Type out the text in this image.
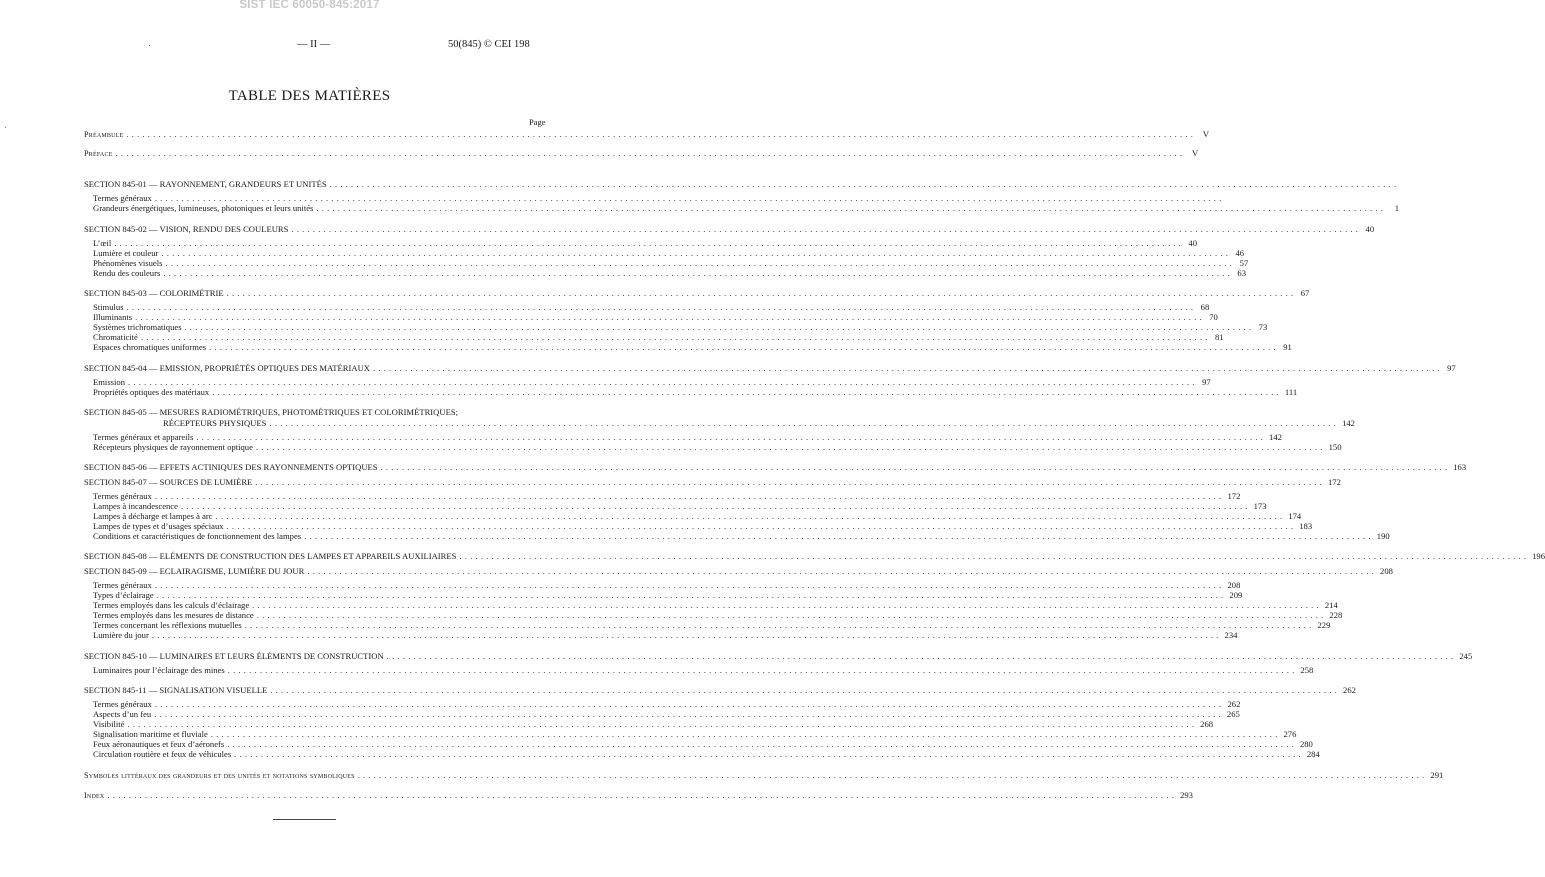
SIST IEC 60050-845:2017
— II —	50(845) © CEI 198
TABLE DES MATIÈRES
Page
Préambule ........................................................................................................................................................................................................ V
Préface ........................................................................................................................................................................................................ V
SECTION 845-01 — RAYONNEMENT, GRANDEURS ET UNITÉS ........................................................................................................................................................................................................
Termes généraux ........................................................................................................................................................................................................
Grandeurs énergétiques, lumineuses, photoniques et leurs unités ........................................................................................................................................................................................................	1
SECTION 845-02 — VISION, RENDU DES COULEURS ........................................................................................................................................................................................................ 40
L’œil ........................................................................................................................................................................................................ 40
Lumière et couleur ........................................................................................................................................................................................................ 46
Phénomènes visuels ........................................................................................................................................................................................................ 57
Rendu des couleurs ........................................................................................................................................................................................................ 63
SECTION 845-03 — COLORIMÉTRIE ........................................................................................................................................................................................................ 67
Stimulus ........................................................................................................................................................................................................ 68
Illuminants ........................................................................................................................................................................................................ 70
Systèmes trichromatiques ........................................................................................................................................................................................................ 73
Chromaticité ........................................................................................................................................................................................................ 81
Espaces chromatiques uniformes ........................................................................................................................................................................................................ 91
SECTION 845-04 — EMISSION, PROPRIÉTÉS OPTIQUES DES MATÉRIAUX ........................................................................................................................................................................................................ 97
Emission ........................................................................................................................................................................................................ 97
Propriétés optiques des matériaux ........................................................................................................................................................................................................ 111
SECTION 845-05 — MESURES RADIOMÉTRIQUES, PHOTOMÉTRIQUES ET COLORIMÉTRIQUES;
RÉCEPTEURS PHYSIQUES ........................................................................................................................................................................................................ 142
Termes généraux et appareils ........................................................................................................................................................................................................ 142
Récepteurs physiques de rayonnement optique ........................................................................................................................................................................................................ 150
SECTION 845-06 — EFFETS ACTINIQUES DES RAYONNEMENTS OPTIQUES ........................................................................................................................................................................................................ 163
SECTION 845-07 — SOURCES DE LUMIÈRE ........................................................................................................................................................................................................ 172
Termes généraux ........................................................................................................................................................................................................ 172
Lampes à incandescence ........................................................................................................................................................................................................ 173
Lampes à décharge et lampes à arc ........................................................................................................................................................................................................ 174
Lampes de types et d’usages spéciaux ........................................................................................................................................................................................................ 183
Conditions et caractéristiques de fonctionnement des lampes ........................................................................................................................................................................................................ 190
SECTION 845-08 — ELÉMENTS DE CONSTRUCTION DES LAMPES ET APPAREILS AUXILIAIRES ........................................................................................................................................................................................................ 196
SECTION 845-09 — ECLAIRAGISME, LUMIÈRE DU JOUR ........................................................................................................................................................................................................ 208
Termes généraux ........................................................................................................................................................................................................ 208
Types d’éclairage ........................................................................................................................................................................................................ 209
Termes employés dans les calculs d’éclairage ........................................................................................................................................................................................................ 214
Termes employés dans les mesures de distance ........................................................................................................................................................................................................ 228
Termes concernant les réflexions mutuelles ........................................................................................................................................................................................................ 229
Lumière du jour ........................................................................................................................................................................................................ 234
SECTION 845-10 — LUMINAIRES ET LEURS ÉLÉMENTS DE CONSTRUCTION ........................................................................................................................................................................................................ 245
Luminaires pour l’éclairage des mines ........................................................................................................................................................................................................ 258
SECTION 845-11 — SIGNALISATION VISUELLE ........................................................................................................................................................................................................ 262
Termes généraux ........................................................................................................................................................................................................ 262
Aspects d’un feu ........................................................................................................................................................................................................ 265
Visibilité ........................................................................................................................................................................................................ 268
Signalisation maritime et fluviale ........................................................................................................................................................................................................ 276
Feux aéronautiques et feux d’aéronefs ........................................................................................................................................................................................................ 280
Circulation routière et feux de véhicules ........................................................................................................................................................................................................ 284
Symboles littéraux des grandeurs et des unités et notations symboliques ........................................................................................................................................................................................................ 291
Index ........................................................................................................................................................................................................ 293
